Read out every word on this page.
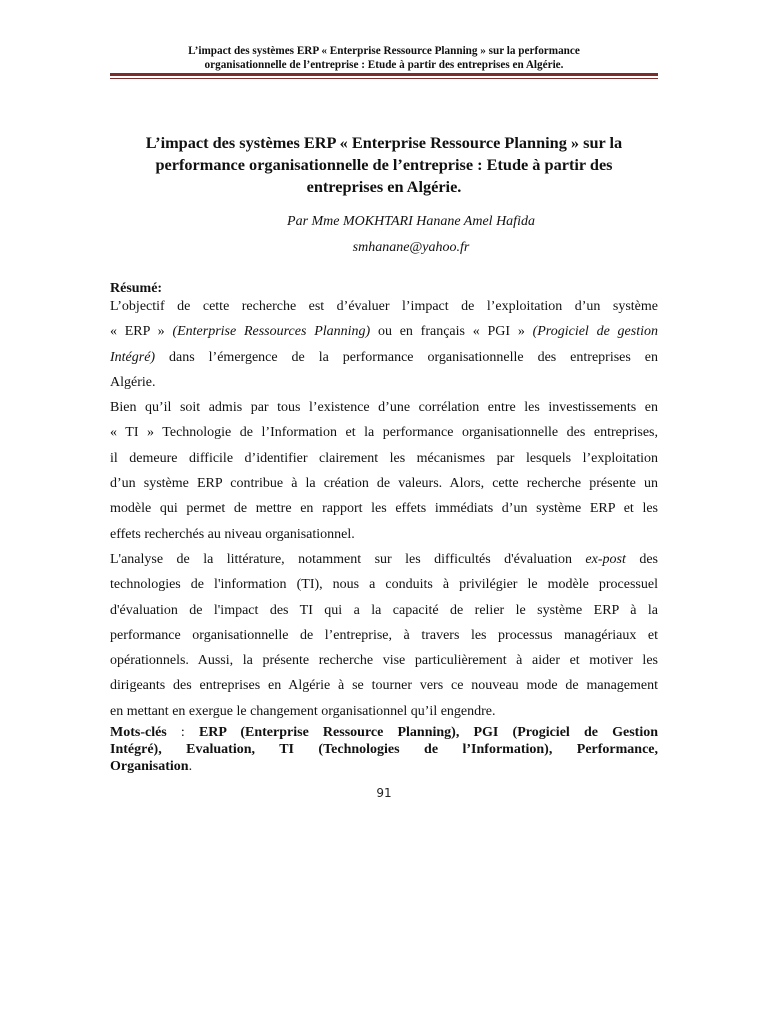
L’impact des systèmes ERP « Enterprise Ressource Planning » sur la performance
organisationnelle de l’entreprise : Etude à partir des entreprises en Algérie.
L’impact des systèmes ERP « Enterprise Ressource Planning » sur la
performance organisationnelle de l’entreprise : Etude à partir des
entreprises en Algérie.
Par Mme MOKHTARI Hanane Amel Hafida
smhanane@yahoo.fr
Résumé:
L’objectif de cette recherche est d’évaluer l’impact de l’exploitation d’un système
« ERP » (Enterprise Ressources Planning) ou en français « PGI » (Progiciel de gestion
Intégré) dans l’émergence de la performance organisationnelle des entreprises en
Algérie.
Bien qu’il soit admis par tous l’existence d’une corrélation entre les investissements en
« TI » Technologie de l’Information et la performance organisationnelle des entreprises,
il demeure difficile d’identifier clairement les mécanismes par lesquels l’exploitation
d’un système ERP contribue à la création de valeurs. Alors, cette recherche présente un
modèle qui permet de mettre en rapport les effets immédiats d’un système ERP et les
effets recherchés au niveau organisationnel.
L'analyse de la littérature, notamment sur les difficultés d'évaluation ex-post des
technologies de l'information (TI), nous a conduits à privilégier le modèle processuel
d'évaluation de l'impact des TI qui a la capacité de relier le système ERP à la
performance organisationnelle de l’entreprise, à travers les processus managériaux et
opérationnels. Aussi, la présente recherche vise particulièrement à aider et motiver les
dirigeants des entreprises en Algérie à se tourner vers ce nouveau mode de management
en mettant en exergue le changement organisationnel qu’il engendre.
Mots-clés : ERP (Enterprise Ressource Planning), PGI (Progiciel de Gestion
Intégré), Evaluation, TI (Technologies de l’Information), Performance,
Organisation.
91
